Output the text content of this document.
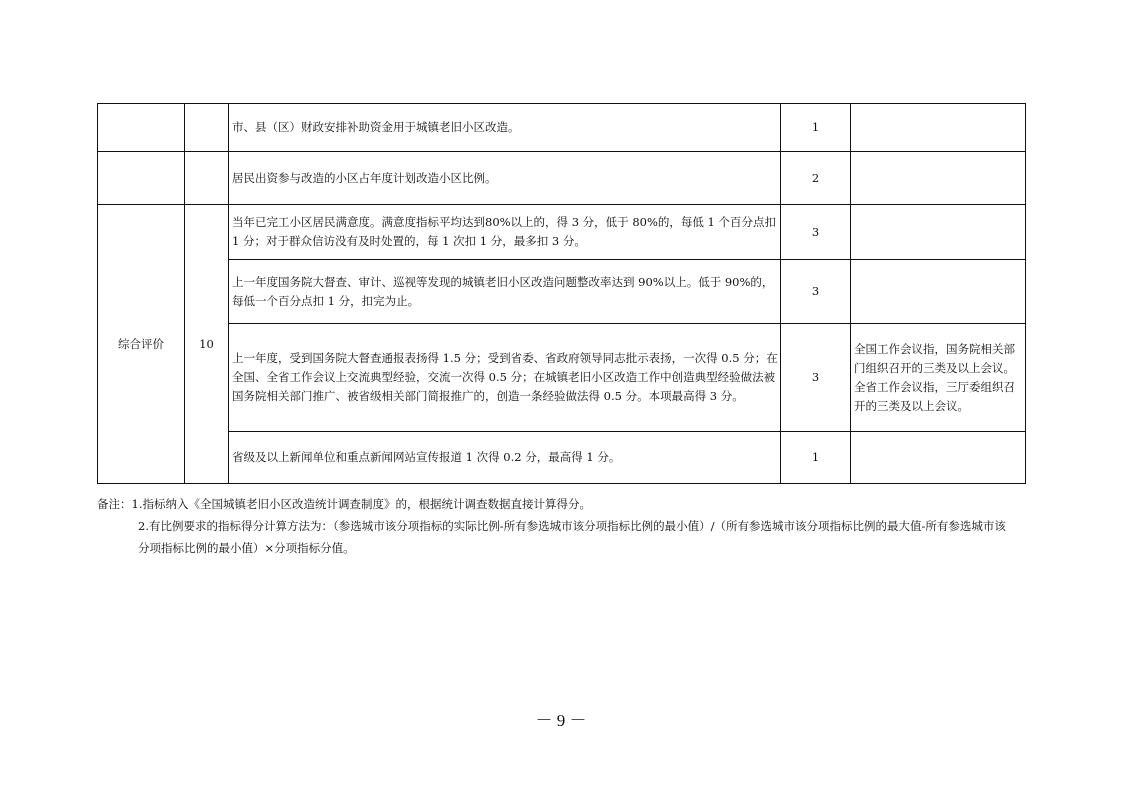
		市、县（区）财政安排补助资金用于城镇老旧小区改造。	1	
		居民出资参与改造的小区占年度计划改造小区比例。	2	
综合评价	10	当年已完工小区居民满意度。满意度指标平均达到80%以上的，得 3 分，低于 80%的，每低 1 个百分点扣 1 分；对于群众信访没有及时处置的，每 1 次扣 1 分，最多扣 3 分。	3	
		上一年度国务院大督查、审计、巡视等发现的城镇老旧小区改造问题整改率达到 90%以上。低于 90%的，每低一个百分点扣 1 分，扣完为止。	3	
		上一年度，受到国务院大督查通报表扬得 1.5 分；受到省委、省政府领导同志批示表扬，一次得 0.5 分；在全国、全省工作会议上交流典型经验，交流一次得 0.5 分；在城镇老旧小区改造工作中创造典型经验做法被国务院相关部门推广、被省级相关部门简报推广的，创造一条经验做法得 0.5 分。本项最高得 3 分。	3	全国工作会议指，国务院相关部门组织召开的三类及以上会议。全省工作会议指，三厅委组织召开的三类及以上会议。
		省级及以上新闻单位和重点新闻网站宣传报道 1 次得 0.2 分，最高得 1 分。	1	

备注：1.指标纳入《全国城镇老旧小区改造统计调查制度》的，根据统计调查数据直接计算得分。

2.有比例要求的指标得分计算方法为：（参选城市该分项指标的实际比例-所有参选城市该分项指标比例的最小值）/（所有参选城市该分项指标比例的最大值-所有参选城市该分项指标比例的最小值）×分项指标分值。

－ 9 －
